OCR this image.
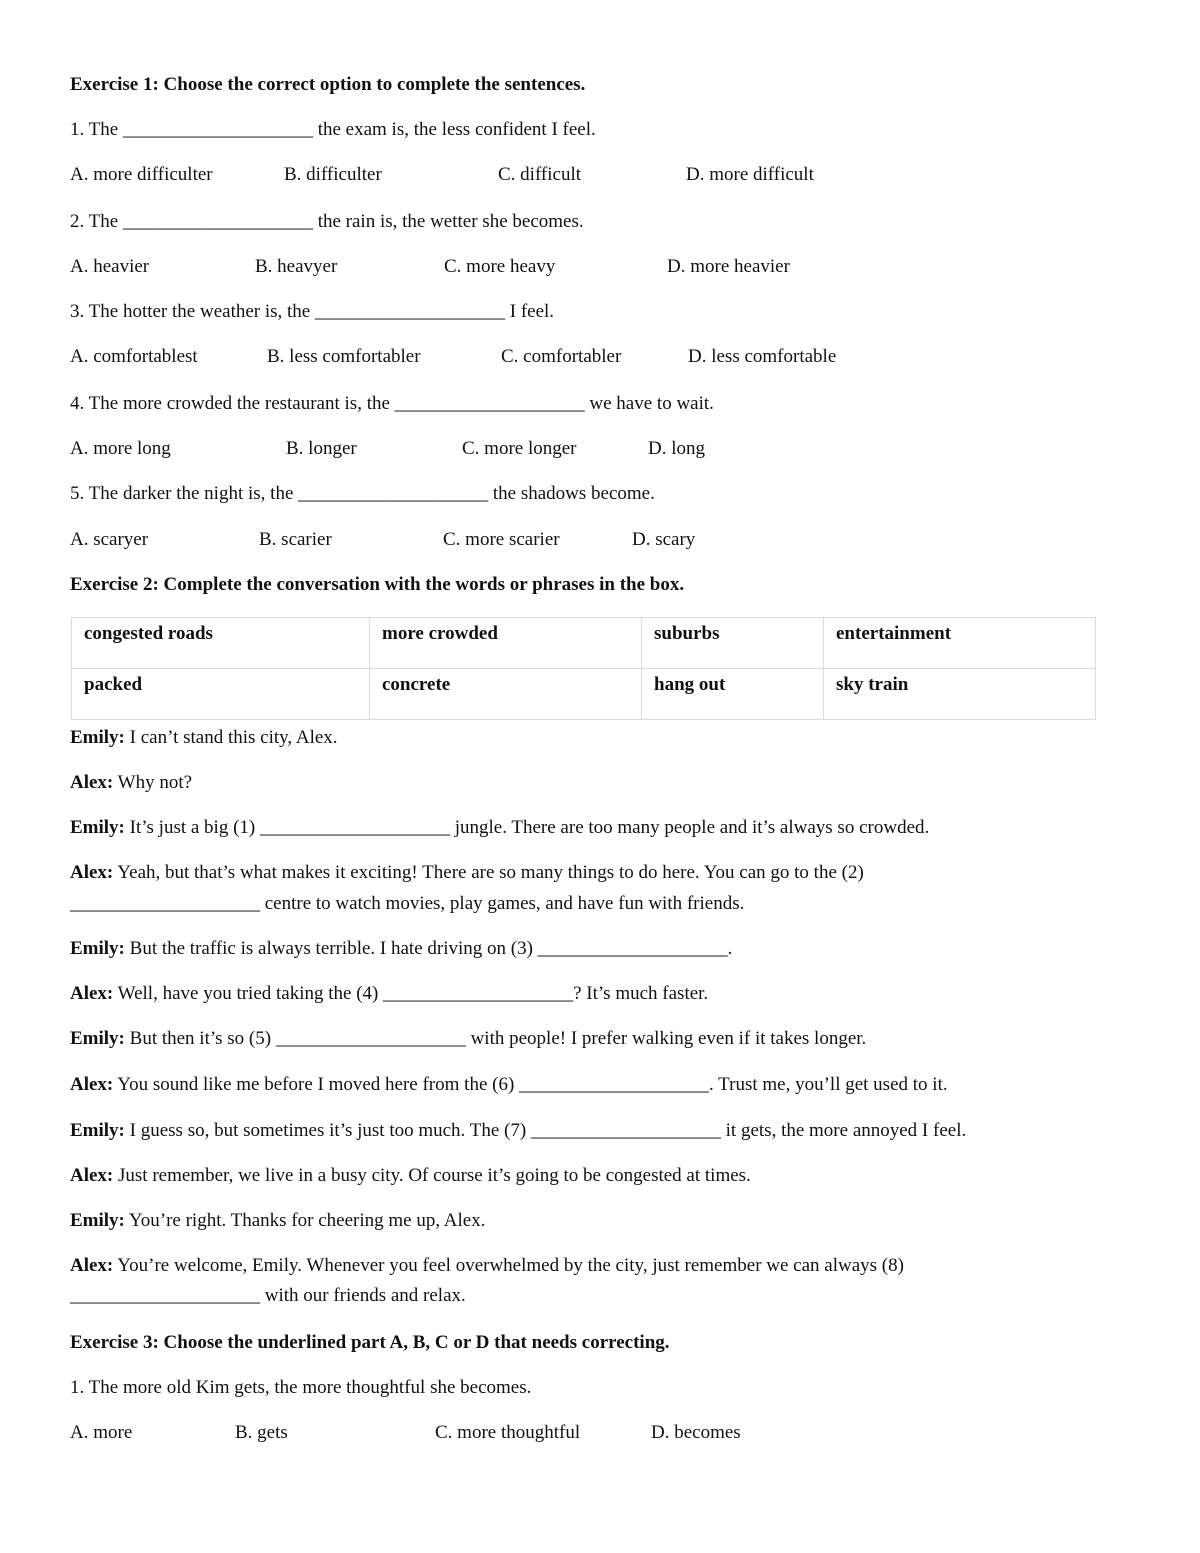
Exercise 1: Choose the correct option to complete the sentences.
1. The ____________________ the exam is, the less confident I feel.
A. more difficulter	B. difficulter	C. difficult	D. more difficult
2. The ____________________ the rain is, the wetter she becomes.
A. heavier	B. heavyer	C. more heavy	D. more heavier
3. The hotter the weather is, the ____________________ I feel.
A. comfortablest	B. less comfortabler	C. comfortabler	D. less comfortable
4. The more crowded the restaurant is, the ____________________ we have to wait.
A. more long	B. longer	C. more longer	D. long
5. The darker the night is, the ____________________ the shadows become.
A. scaryer	B. scarier	C. more scarier	D. scary
Exercise 2: Complete the conversation with the words or phrases in the box.
congested roads	more crowded	suburbs	entertainment
packed	concrete	hang out	sky train
Emily: I can’t stand this city, Alex.
Alex: Why not?
Emily: It’s just a big (1) ____________________ jungle. There are too many people and it’s always so crowded.
Alex: Yeah, but that’s what makes it exciting! There are so many things to do here. You can go to the (2)
____________________ centre to watch movies, play games, and have fun with friends.
Emily: But the traffic is always terrible. I hate driving on (3) ____________________.
Alex: Well, have you tried taking the (4) ____________________? It’s much faster.
Emily: But then it’s so (5) ____________________ with people! I prefer walking even if it takes longer.
Alex: You sound like me before I moved here from the (6) ____________________. Trust me, you’ll get used to it.
Emily: I guess so, but sometimes it’s just too much. The (7) ____________________ it gets, the more annoyed I feel.
Alex: Just remember, we live in a busy city. Of course it’s going to be congested at times.
Emily: You’re right. Thanks for cheering me up, Alex.
Alex: You’re welcome, Emily. Whenever you feel overwhelmed by the city, just remember we can always (8)
____________________ with our friends and relax.
Exercise 3: Choose the underlined part A, B, C or D that needs correcting.
1. The more old Kim gets, the more thoughtful she becomes.
A. more	B. gets	C. more thoughtful	D. becomes
